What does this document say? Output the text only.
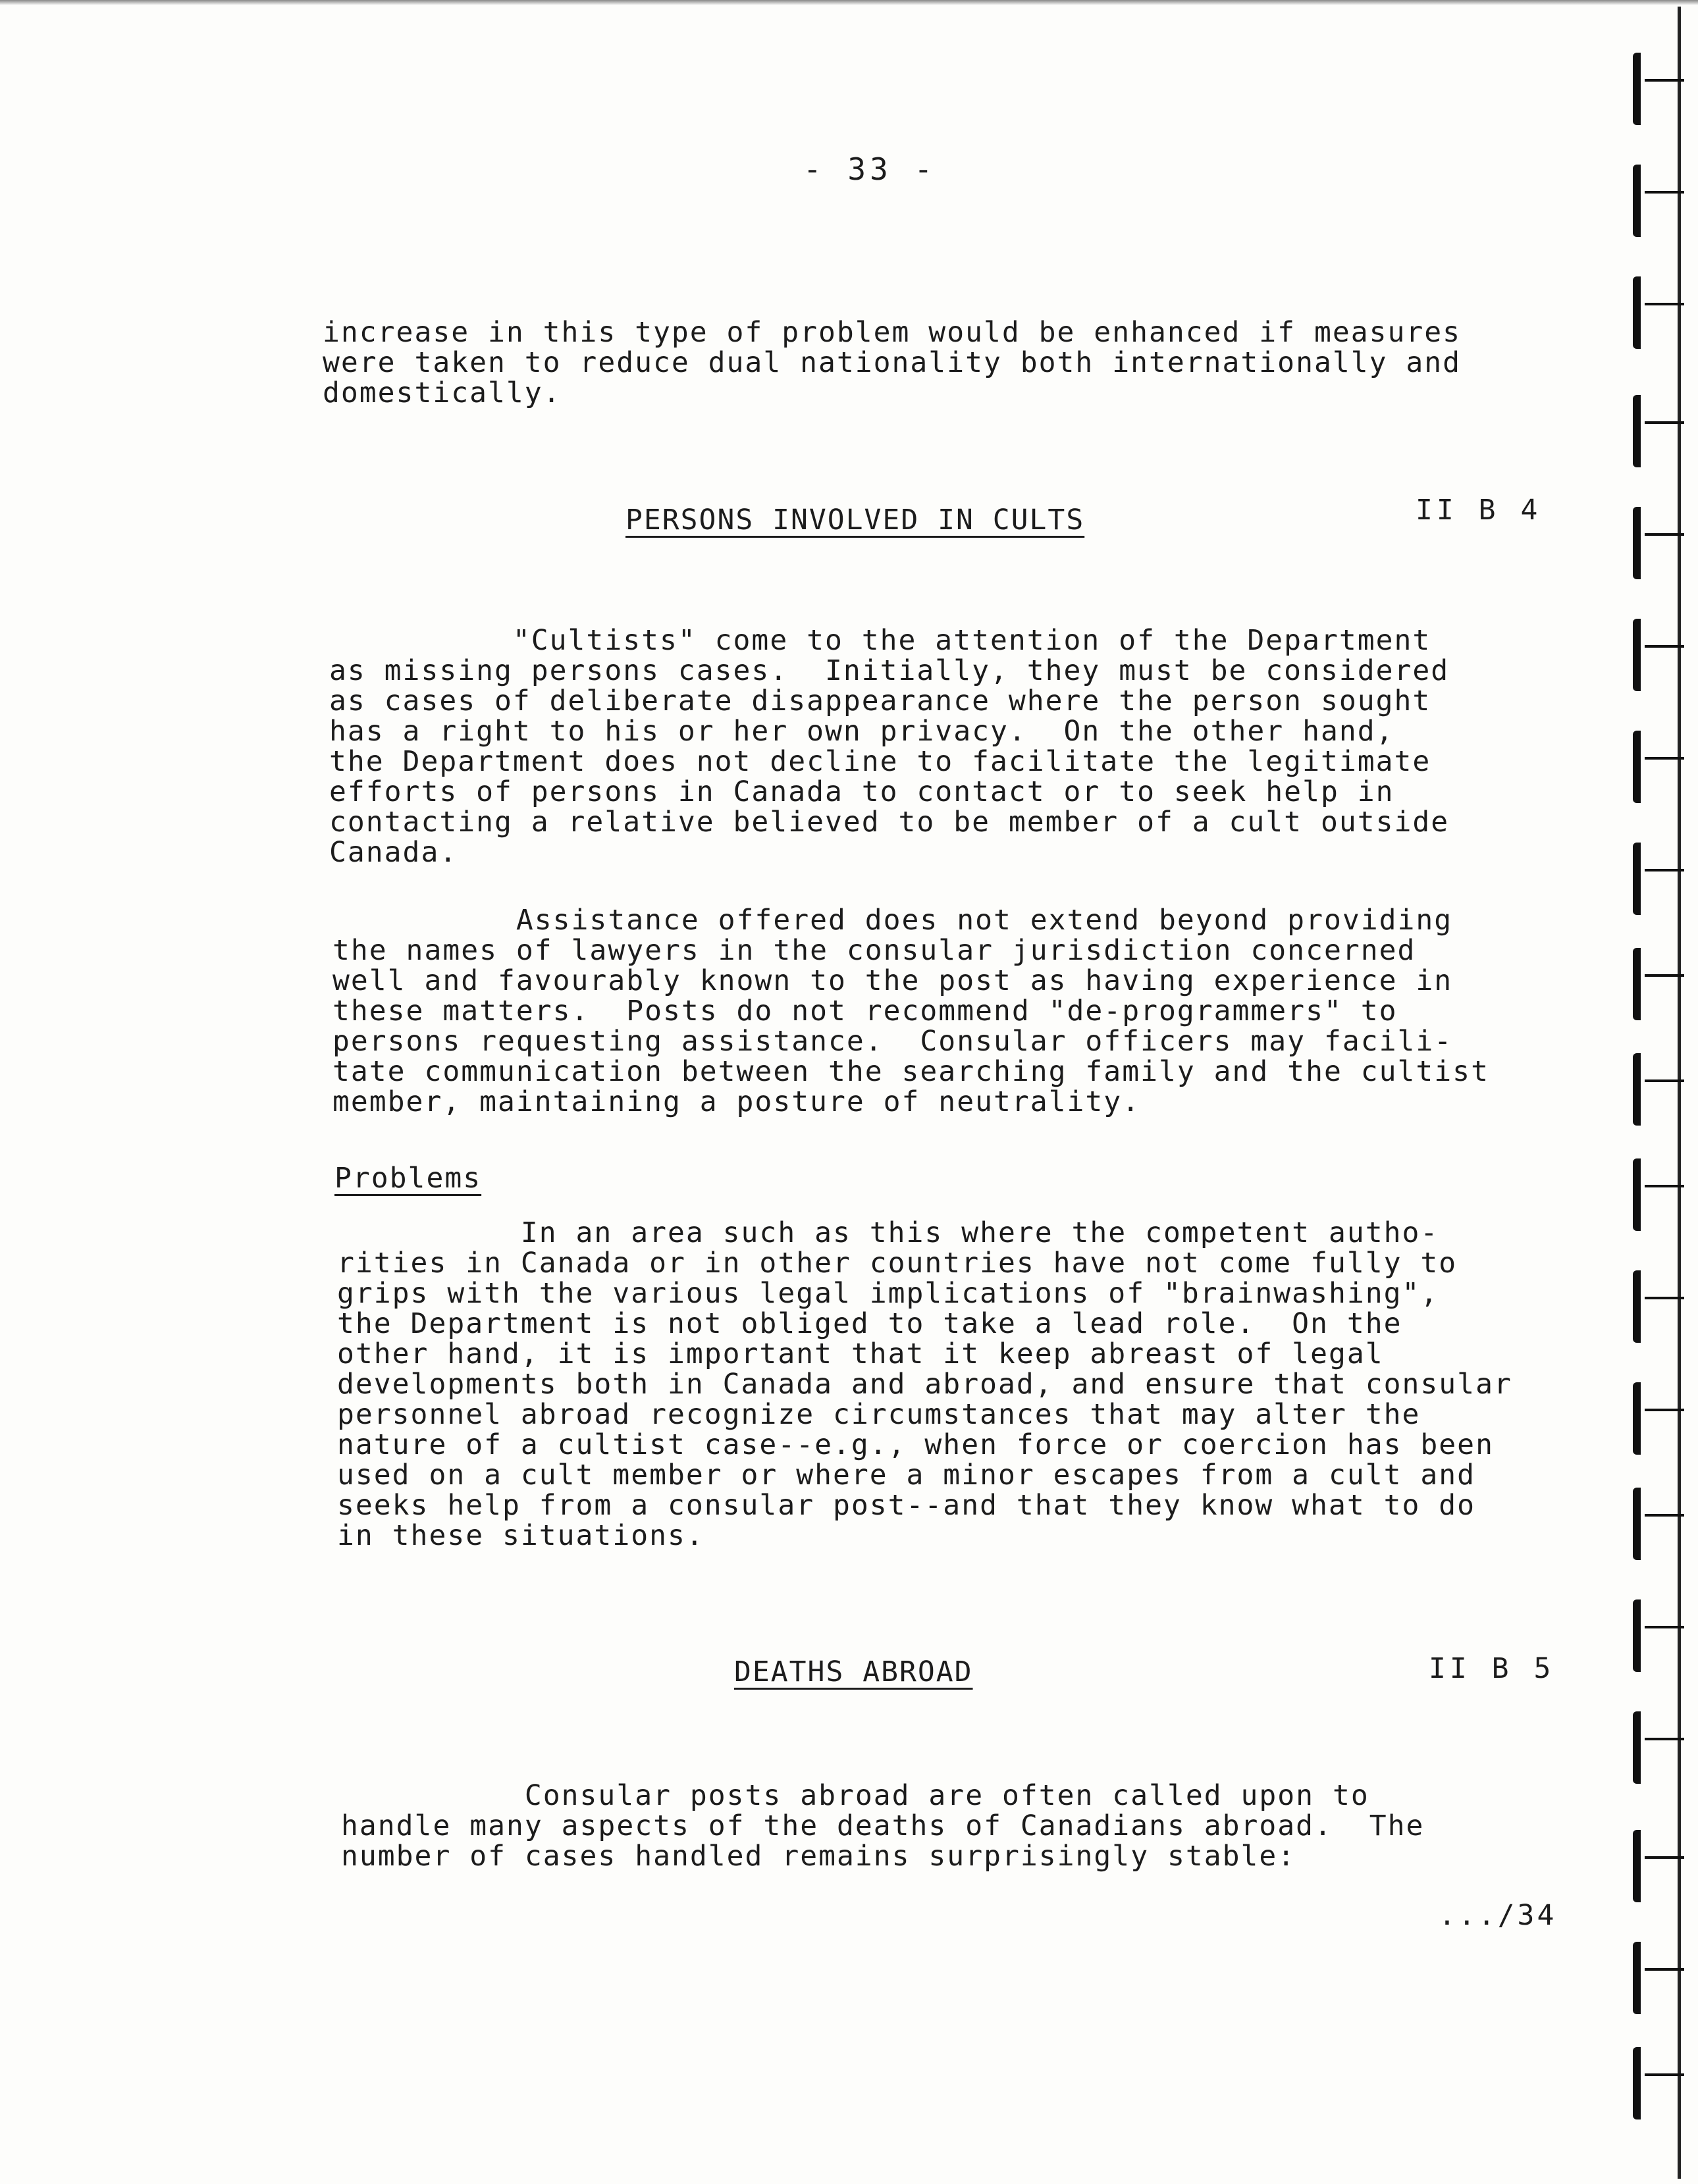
- 33 -
increase in this type of problem would be enhanced if measures
were taken to reduce dual nationality both internationally and
domestically.
PERSONS INVOLVED IN CULTS	II B 4
"Cultists" come to the attention of the Department
as missing persons cases.  Initially, they must be considered
as cases of deliberate disappearance where the person sought
has a right to his or her own privacy.  On the other hand,
the Department does not decline to facilitate the legitimate
efforts of persons in Canada to contact or to seek help in
contacting a relative believed to be member of a cult outside
Canada.
Assistance offered does not extend beyond providing
the names of lawyers in the consular jurisdiction concerned
well and favourably known to the post as having experience in
these matters.  Posts do not recommend "de-programmers" to
persons requesting assistance.  Consular officers may facili-
tate communication between the searching family and the cultist
member, maintaining a posture of neutrality.
Problems
In an area such as this where the competent autho-
rities in Canada or in other countries have not come fully to
grips with the various legal implications of "brainwashing",
the Department is not obliged to take a lead role.  On the
other hand, it is important that it keep abreast of legal
developments both in Canada and abroad, and ensure that consular
personnel abroad recognize circumstances that may alter the
nature of a cultist case--e.g., when force or coercion has been
used on a cult member or where a minor escapes from a cult and
seeks help from a consular post--and that they know what to do
in these situations.
DEATHS ABROAD	II B 5
Consular posts abroad are often called upon to
handle many aspects of the deaths of Canadians abroad.  The
number of cases handled remains surprisingly stable:
.../34
